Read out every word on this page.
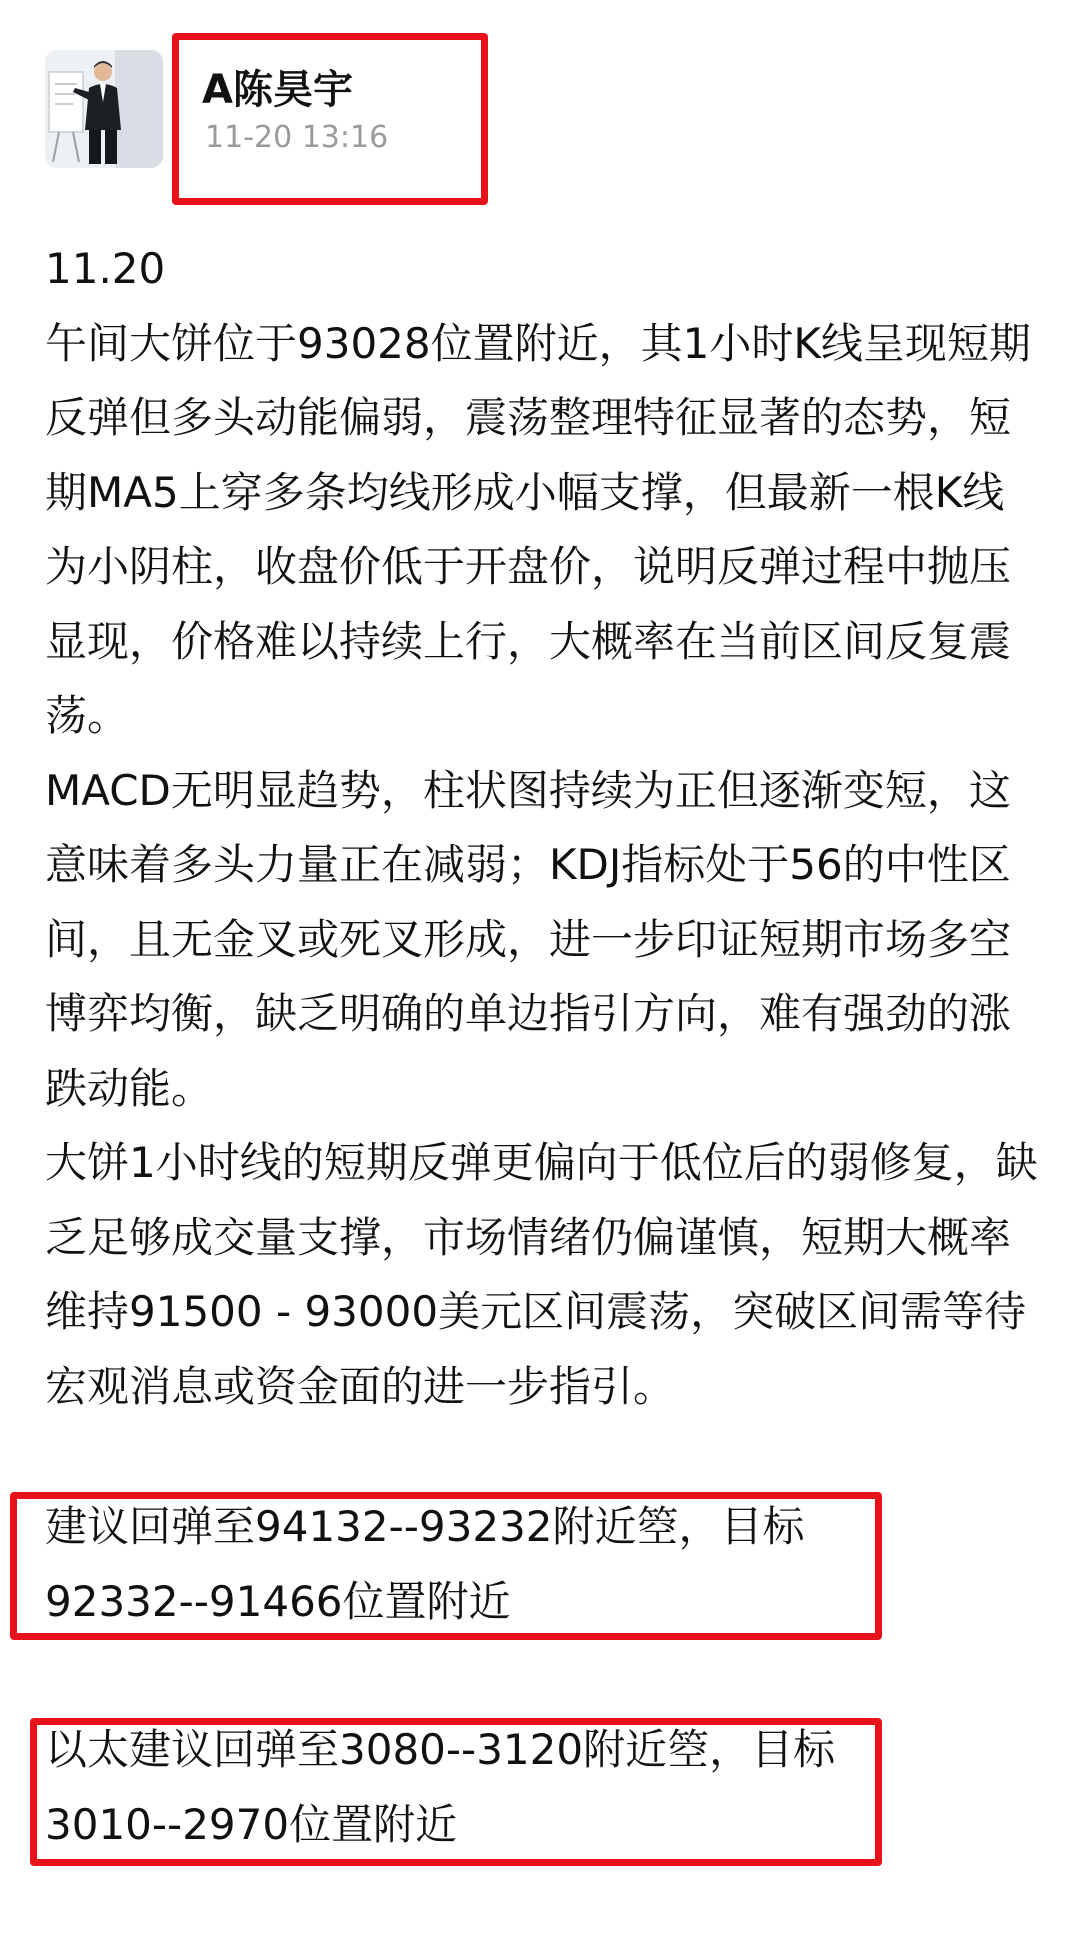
A陈昊宇
11-20 13:16

11.20

午间大饼位于93028位置附近，其1小时K线呈现短期反弹但多头动能偏弱，震荡整理特征显著的态势，短期MA5上穿多条均线形成小幅支撑，但最新一根K线为小阴柱，收盘价低于开盘价，说明反弹过程中抛压显现，价格难以持续上行，大概率在当前区间反复震荡。

MACD无明显趋势，柱状图持续为正但逐渐变短，这意味着多头力量正在减弱；KDJ指标处于56的中性区间，且无金叉或死叉形成，进一步印证短期市场多空博弈均衡，缺乏明确的单边指引方向，难有强劲的涨跌动能。

大饼1小时线的短期反弹更偏向于低位后的弱修复，缺乏足够成交量支撑，市场情绪仍偏谨慎，短期大概率维持91500 - 93000美元区间震荡，突破区间需等待宏观消息或资金面的进一步指引。

建议回弹至94132--93232附近箜，目标
92332--91466位置附近
以太建议回弹至3080--3120附近箜，目标
3010--2970位置附近
